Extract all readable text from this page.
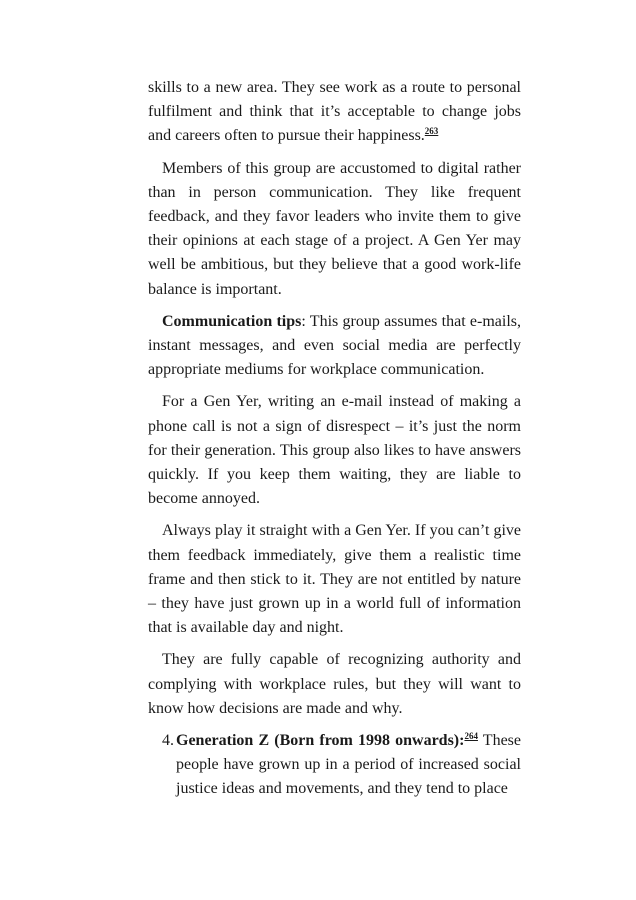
skills to a new area. They see work as a route to personal fulfilment and think that it’s acceptable to change jobs and careers often to pursue their happiness.$^{263}$

Members of this group are accustomed to digital rather than in person communication. They like frequent feedback, and they favor leaders who invite them to give their opinions at each stage of a project. A Gen Yer may well be ambitious, but they believe that a good work-life balance is important.

Communication tips: This group assumes that e-mails, instant messages, and even social media are perfectly appropriate mediums for workplace communication.

For a Gen Yer, writing an e-mail instead of making a phone call is not a sign of disrespect – it’s just the norm for their generation. This group also likes to have answers quickly. If you keep them waiting, they are liable to become annoyed.

Always play it straight with a Gen Yer. If you can’t give them feedback immediately, give them a realistic time frame and then stick to it. They are not entitled by nature – they have just grown up in a world full of information that is available day and night.

They are fully capable of recognizing authority and complying with workplace rules, but they will want to know how decisions are made and why.

4. Generation Z (Born from 1998 onwards):$^{264}$ These people have grown up in a period of increased social justice ideas and movements, and they tend to place
